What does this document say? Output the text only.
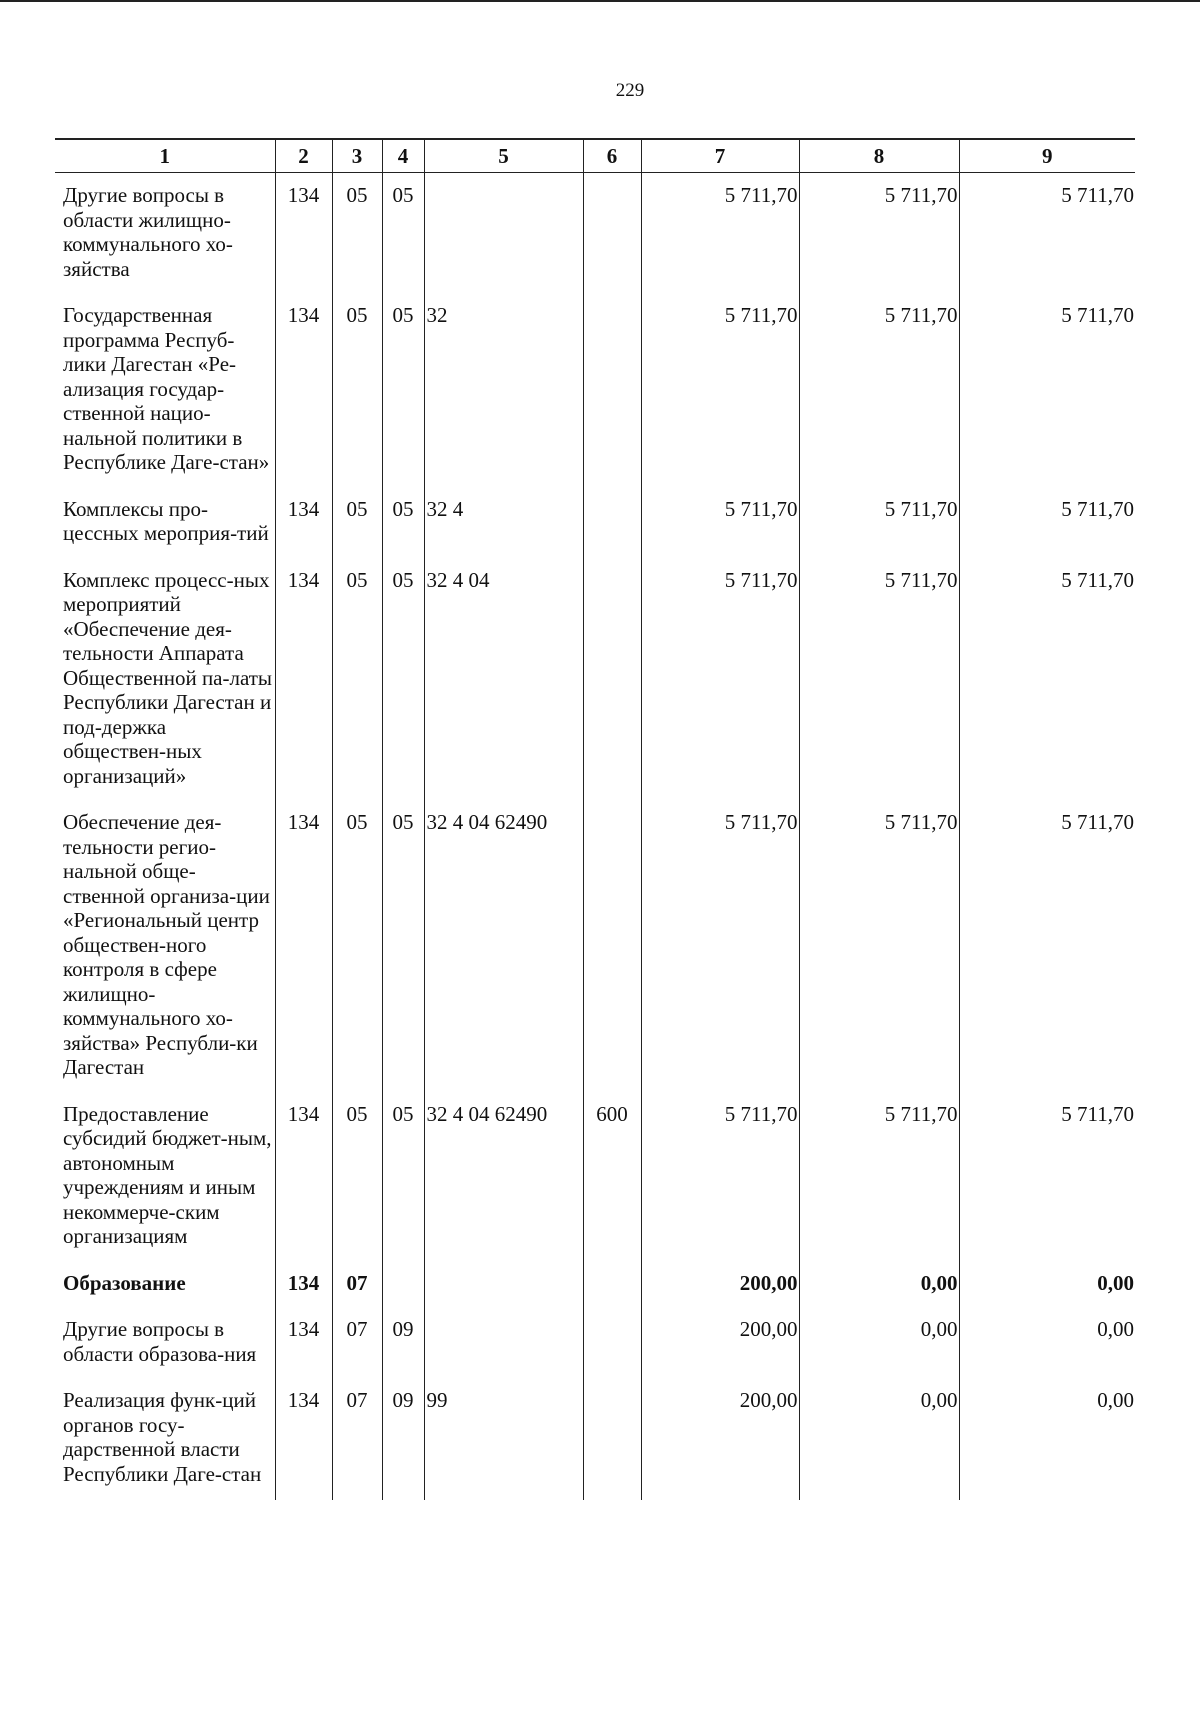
229
1	2	3	4	5	6	7	8	9
Другие вопросы в области жилищно-коммунального хо-зяйства	134	05	05			5 711,70	5 711,70	5 711,70
Государственная программа Респуб-лики Дагестан «Ре-ализация государ-ственной нацио-нальной политики в Республике Даге-стан»	134	05	05	32		5 711,70	5 711,70	5 711,70
Комплексы про-цессных мероприя-тий	134	05	05	32 4		5 711,70	5 711,70	5 711,70
Комплекс процесс-ных мероприятий «Обеспечение дея-тельности Аппарата Общественной па-латы Республики Дагестан и под-держка обществен-ных организаций»	134	05	05	32 4 04		5 711,70	5 711,70	5 711,70
Обеспечение дея-тельности регио-нальной обще-ственной организа-ции «Региональный центр обществен-ного контроля в сфере жилищно-коммунального хо-зяйства» Республи-ки Дагестан	134	05	05	32 4 04 62490		5 711,70	5 711,70	5 711,70
Предоставление субсидий бюджет-ным, автономным учреждениям и иным некоммерче-ским организациям	134	05	05	32 4 04 62490	600	5 711,70	5 711,70	5 711,70
Образование	134	07				200,00	0,00	0,00
Другие вопросы в области образова-ния	134	07	09			200,00	0,00	0,00
Реализация функ-ций органов госу-дарственной власти Республики Даге-стан	134	07	09	99		200,00	0,00	0,00
